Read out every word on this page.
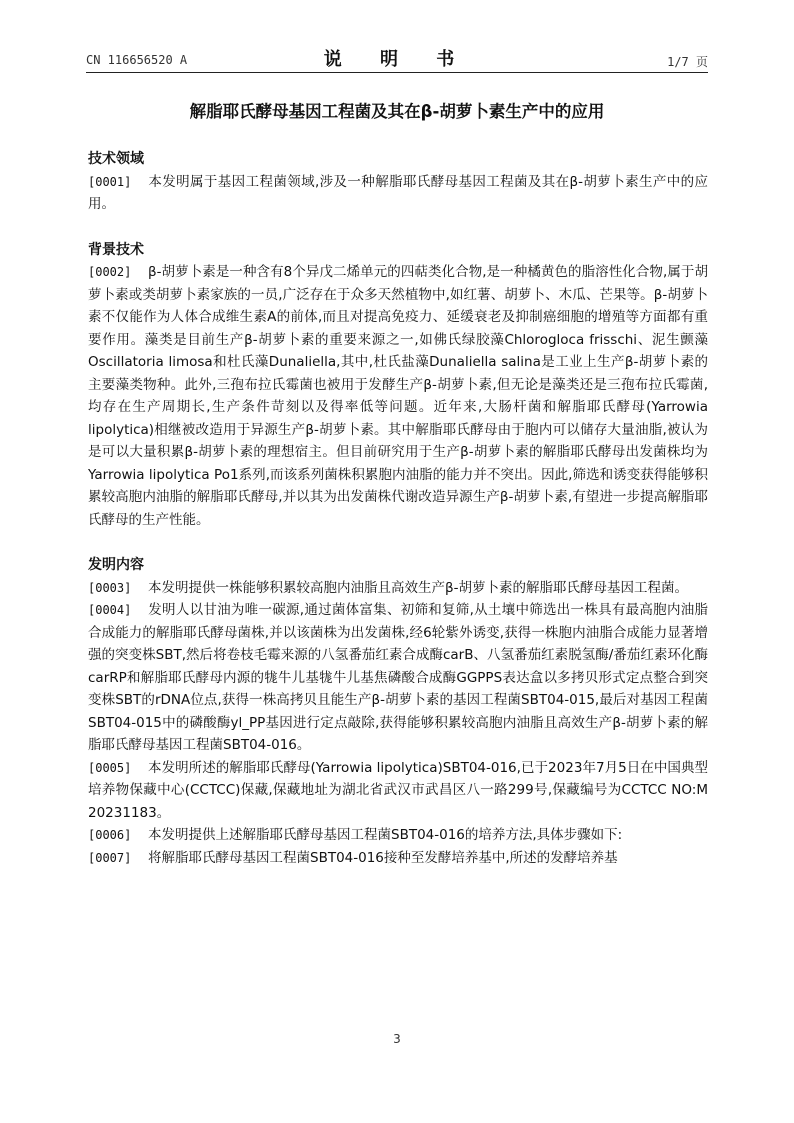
CN 116656520 A	说 明 书	1/7 页
解脂耶氏酵母基因工程菌及其在β-胡萝卜素生产中的应用

技术领域

[0001] 本发明属于基因工程菌领域,涉及一种解脂耶氏酵母基因工程菌及其在β-胡萝卜素生产中的应用。

背景技术

[0002] β-胡萝卜素是一种含有8个异戊二烯单元的四萜类化合物,是一种橘黄色的脂溶性化合物,属于胡萝卜素或类胡萝卜素家族的一员,广泛存在于众多天然植物中,如红薯、胡萝卜、木瓜、芒果等。β-胡萝卜素不仅能作为人体合成维生素A的前体,而且对提高免疫力、延缓衰老及抑制癌细胞的增殖等方面都有重要作用。藻类是目前生产β-胡萝卜素的重要来源之一,如佛氏绿胶藻Chlorogloca frisschi、泥生颤藻Oscillatoria limosa和杜氏藻Dunaliella,其中,杜氏盐藻Dunaliella salina是工业上生产β-胡萝卜素的主要藻类物种。此外,三孢布拉氏霉菌也被用于发酵生产β-胡萝卜素,但无论是藻类还是三孢布拉氏霉菌,均存在生产周期长,生产条件苛刻以及得率低等问题。近年来,大肠杆菌和解脂耶氏酵母(Yarrowia lipolytica)相继被改造用于异源生产β-胡萝卜素。其中解脂耶氏酵母由于胞内可以储存大量油脂,被认为是可以大量积累β-胡萝卜素的理想宿主。但目前研究用于生产β-胡萝卜素的解脂耶氏酵母出发菌株均为Yarrowia lipolytica Po1系列,而该系列菌株积累胞内油脂的能力并不突出。因此,筛选和诱变获得能够积累较高胞内油脂的解脂耶氏酵母,并以其为出发菌株代谢改造异源生产β-胡萝卜素,有望进一步提高解脂耶氏酵母的生产性能。

发明内容

[0003] 本发明提供一株能够积累较高胞内油脂且高效生产β-胡萝卜素的解脂耶氏酵母基因工程菌。

[0004] 发明人以甘油为唯一碳源,通过菌体富集、初筛和复筛,从土壤中筛选出一株具有最高胞内油脂合成能力的解脂耶氏酵母菌株,并以该菌株为出发菌株,经6轮紫外诱变,获得一株胞内油脂合成能力显著增强的突变株SBT,然后将卷枝毛霉来源的八氢番茄红素合成酶carB、八氢番茄红素脱氢酶/番茄红素环化酶carRP和解脂耶氏酵母内源的牻牛儿基牻牛儿基焦磷酸合成酶GGPPS表达盒以多拷贝形式定点整合到突变株SBT的rDNA位点,获得一株高拷贝且能生产β-胡萝卜素的基因工程菌SBT04-015,最后对基因工程菌SBT04-015中的磷酸酶yl_PP基因进行定点敲除,获得能够积累较高胞内油脂且高效生产β-胡萝卜素的解脂耶氏酵母基因工程菌SBT04-016。

[0005] 本发明所述的解脂耶氏酵母(Yarrowia lipolytica)SBT04-016,已于2023年7月5日在中国典型培养物保藏中心(CCTCC)保藏,保藏地址为湖北省武汉市武昌区八一路299号,保藏编号为CCTCC NO:M 20231183。

[0006] 本发明提供上述解脂耶氏酵母基因工程菌SBT04-016的培养方法,具体步骤如下:

[0007] 将解脂耶氏酵母基因工程菌SBT04-016接种至发酵培养基中,所述的发酵培养基

3
